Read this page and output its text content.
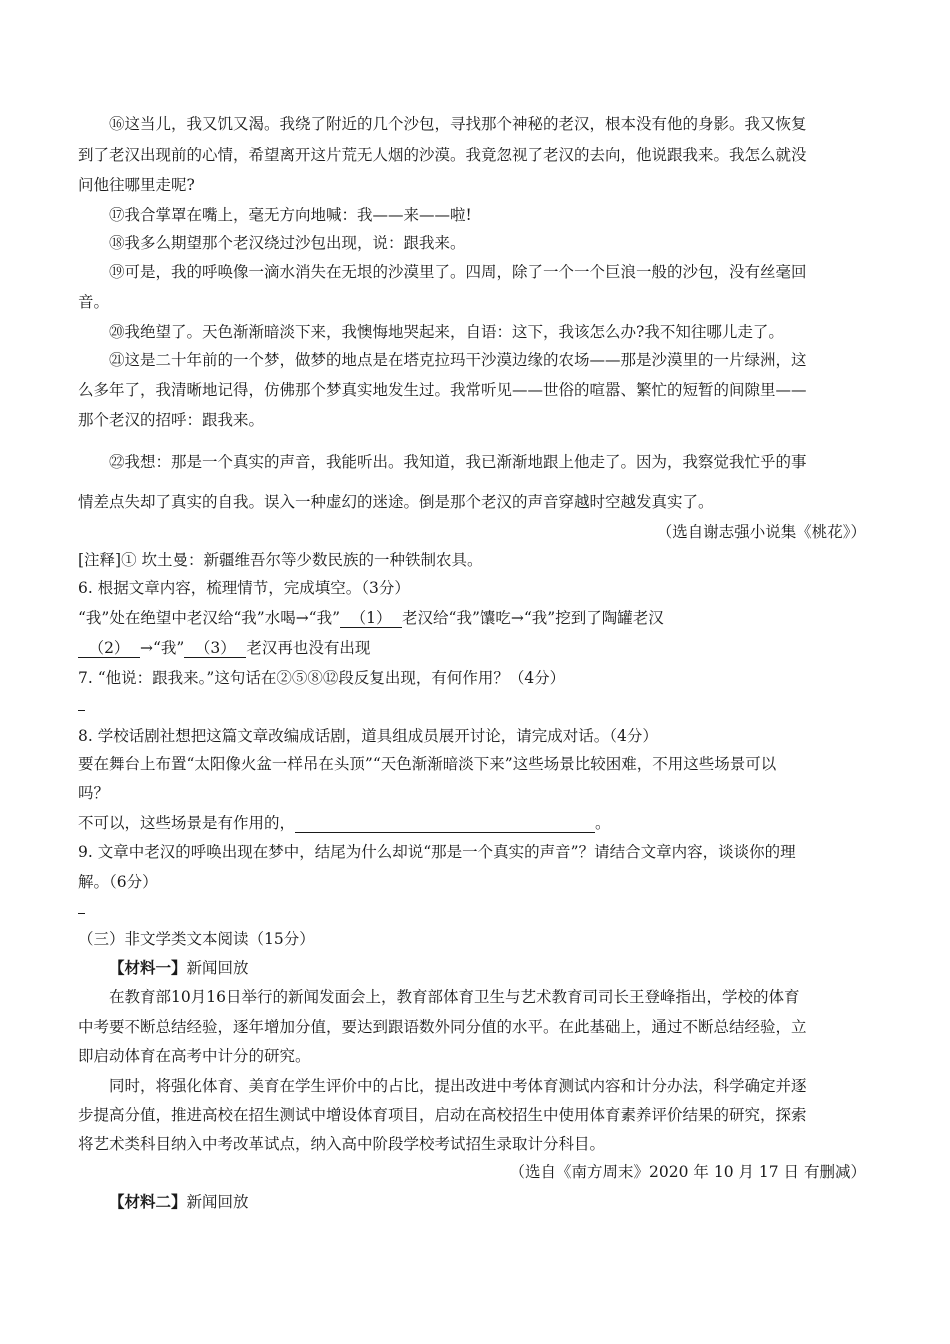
⑯这当儿，我又饥又渴。我绕了附近的几个沙包，寻找那个神秘的老汉，根本没有他的身影。我又恢复
到了老汉出现前的心情，希望离开这片荒无人烟的沙漠。我竟忽视了老汉的去向，他说跟我来。我怎么就没
问他往哪里走呢?
⑰我合掌罩在嘴上，毫无方向地喊：我——来——啦!
⑱我多么期望那个老汉绕过沙包出现，说：跟我来。
⑲可是，我的呼唤像一滴水消失在无垠的沙漠里了。四周，除了一个一个巨浪一般的沙包，没有丝毫回
音。
⑳我绝望了。天色渐渐暗淡下来，我懊悔地哭起来，自语：这下，我该怎么办?我不知往哪儿走了。
㉑这是二十年前的一个梦，做梦的地点是在塔克拉玛干沙漠边缘的农场——那是沙漠里的一片绿洲，这
么多年了，我清晰地记得，仿佛那个梦真实地发生过。我常听见——世俗的喧嚣、繁忙的短暂的间隙里——
那个老汉的招呼：跟我来。
㉒我想：那是一个真实的声音，我能听出。我知道，我已渐渐地跟上他走了。因为，我察觉我忙乎的事
情差点失却了真实的自我。误入一种虚幻的迷途。倒是那个老汉的声音穿越时空越发真实了。
（选自谢志强小说集《桃花》）
[注释]① 坎土曼：新疆维吾尔等少数民族的一种铁制农具。
6. 根据文章内容，梳理情节，完成填空。（3分）
“我”处在绝望中老汉给“我”水喝→“我” （1） 老汉给“我”馕吃→“我”挖到了陶罐老汉
（2） →“我” （3） 老汉再也没有出现
7. “他说：跟我来。”这句话在②⑤⑧⑫段反复出现，有何作用？（4分）
8. 学校话剧社想把这篇文章改编成话剧，道具组成员展开讨论，请完成对话。（4分）
要在舞台上布置“太阳像火盆一样吊在头顶”“天色渐渐暗淡下来”这些场景比较困难，不用这些场景可以
吗？
不可以，这些场景是有作用的，	。
9. 文章中老汉的呼唤出现在梦中，结尾为什么却说“那是一个真实的声音”？请结合文章内容，谈谈你的理
解。（6分）
（三）非文学类文本阅读（15分）
【材料一】新闻回放
在教育部10月16日举行的新闻发面会上，教育部体育卫生与艺术教育司司长王登峰指出，学校的体育
中考要不断总结经验，逐年增加分值，要达到跟语数外同分值的水平。在此基础上，通过不断总结经验，立
即启动体育在高考中计分的研究。
同时，将强化体育、美育在学生评价中的占比，提出改进中考体育测试内容和计分办法，科学确定并逐
步提高分值，推进高校在招生测试中增设体育项目，启动在高校招生中使用体育素养评价结果的研究，探索
将艺术类科目纳入中考改革试点，纳入高中阶段学校考试招生录取计分科目。
（选自《南方周末》2020 年 10 月 17 日 有删减）
【材料二】新闻回放
